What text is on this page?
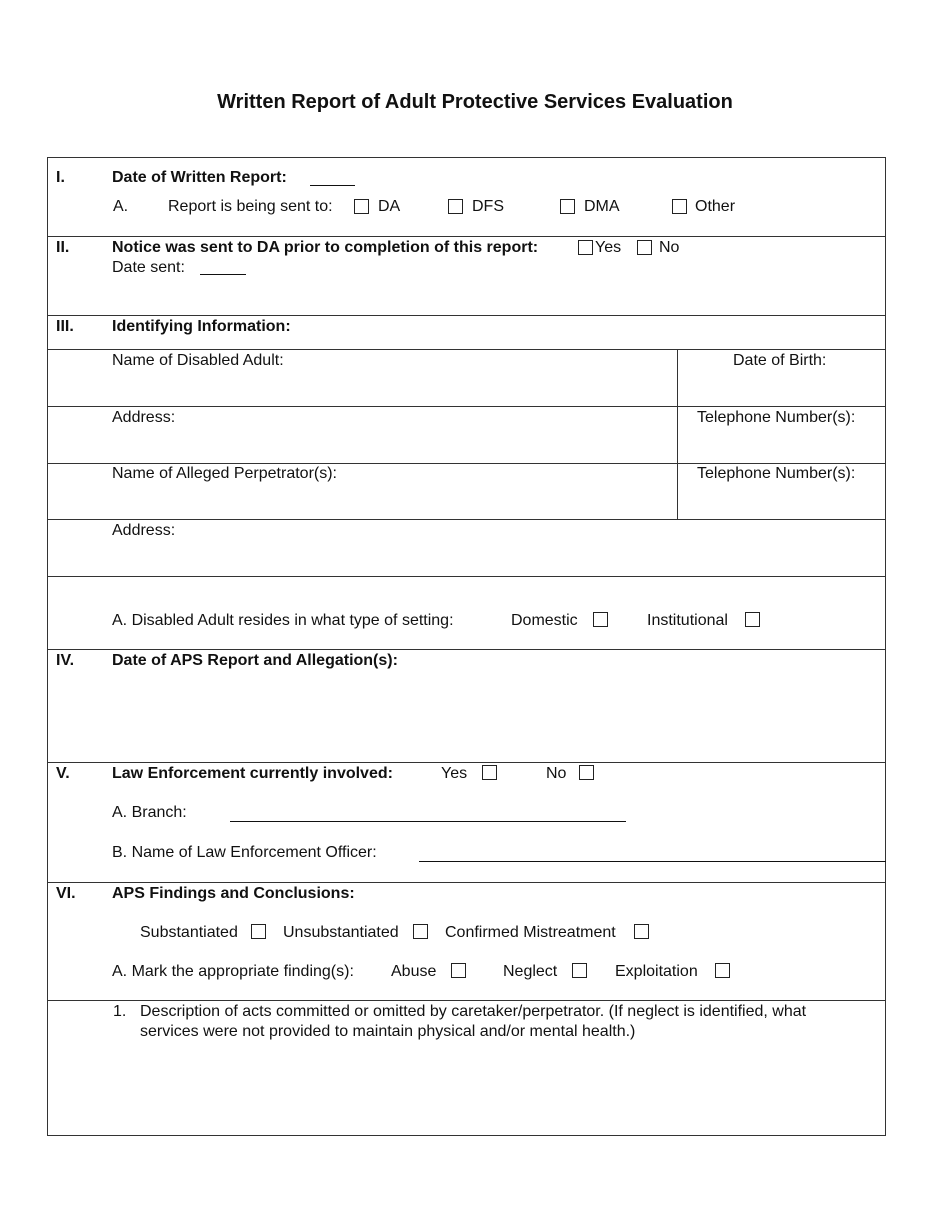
Written Report of Adult Protective Services Evaluation
I.	Date of Written Report:
A. Report is being sent to:	DA	DFS	DMA	Other
II.	Notice was sent to DA prior to completion of this report:	Yes No
Date sent:
III. Identifying Information:
Name of Disabled Adult:	Date of Birth:
Address:	Telephone Number(s):
Name of Alleged Perpetrator(s):	Telephone Number(s):
Address:
A. Disabled Adult resides in what type of setting:	Domestic	Institutional
IV. Date of APS Report and Allegation(s):
V.	Law Enforcement currently involved:	Yes	No
A. Branch:
B. Name of Law Enforcement Officer:
VI. APS Findings and Conclusions:
Substantiated	Unsubstantiated	Confirmed Mistreatment
A. Mark the appropriate finding(s): Abuse	Neglect	Exploitation
1. Description of acts committed or omitted by caretaker/perpetrator. (If neglect is identified, what
services were not provided to maintain physical and/or mental health.)
